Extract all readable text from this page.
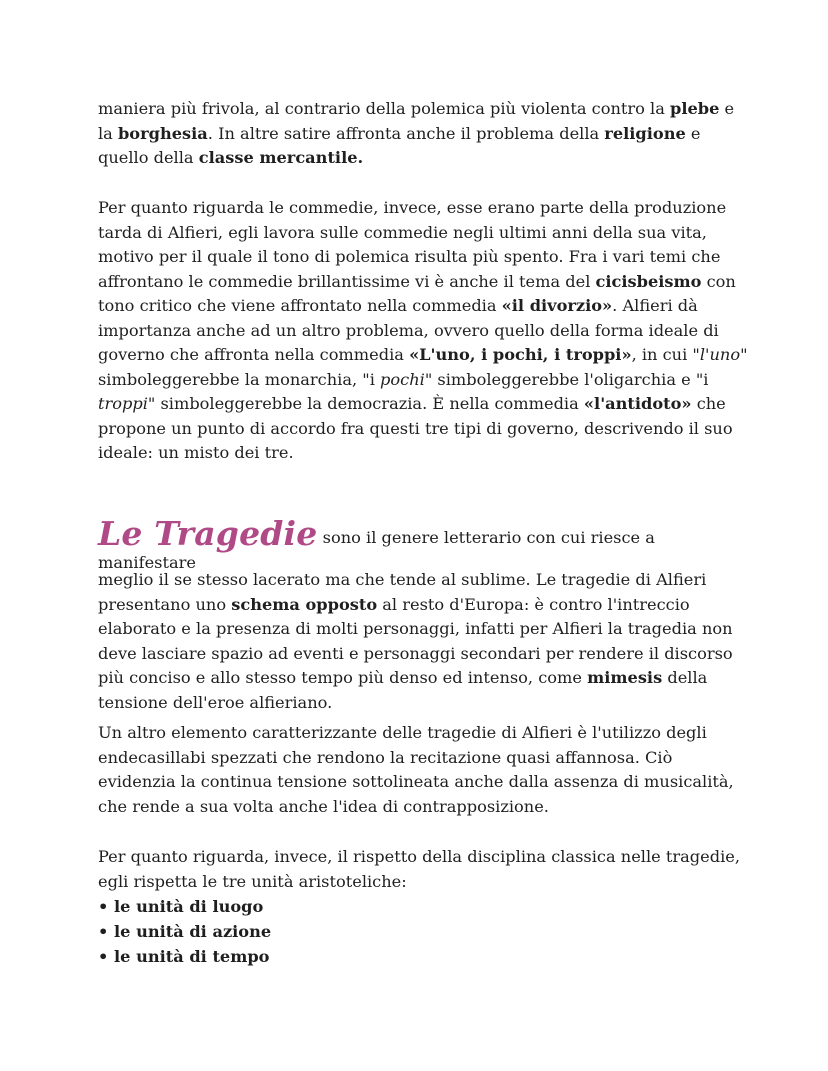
maniera più frivola, al contrario della polemica più violenta contro la plebe e la borghesia. In altre satire affronta anche il problema della religione e quello della classe mercantile.

Per quanto riguarda le commedie, invece, esse erano parte della produzione tarda di Alfieri, egli lavora sulle commedie negli ultimi anni della sua vita, motivo per il quale il tono di polemica risulta più spento. Fra i vari temi che affrontano le commedie brillantissime vi è anche il tema del cicisbeismo con tono critico che viene affrontato nella commedia «il divorzio». Alfieri dà importanza anche ad un altro problema, ovvero quello della forma ideale di governo che affronta nella commedia «L'uno, i pochi, i troppi», in cui "l'uno" simboleggerebbe la monarchia, "i pochi" simboleggerebbe l'oligarchia e "i troppi" simboleggerebbe la democrazia. È nella commedia «l'antidoto» che propone un punto di accordo fra questi tre tipi di governo, descrivendo il suo ideale: un misto dei tre.

Le Tragedie sono il genere letterario con cui riesce a manifestare

meglio il se stesso lacerato ma che tende al sublime. Le tragedie di Alfieri presentano uno schema opposto al resto d'Europa: è contro l'intreccio elaborato e la presenza di molti personaggi, infatti per Alfieri la tragedia non deve lasciare spazio ad eventi e personaggi secondari per rendere il discorso più conciso e allo stesso tempo più denso ed intenso, come mimesis della tensione dell'eroe alfieriano.

Un altro elemento caratterizzante delle tragedie di Alfieri è l'utilizzo degli endecasillabi spezzati che rendono la recitazione quasi affannosa. Ciò evidenzia la continua tensione sottolineata anche dalla assenza di musicalità, che rende a sua volta anche l'idea di contrapposizione.

Per quanto riguarda, invece, il rispetto della disciplina classica nelle tragedie, egli rispetta le tre unità aristoteliche:

• le unità di luogo
• le unità di azione
• le unità di tempo
